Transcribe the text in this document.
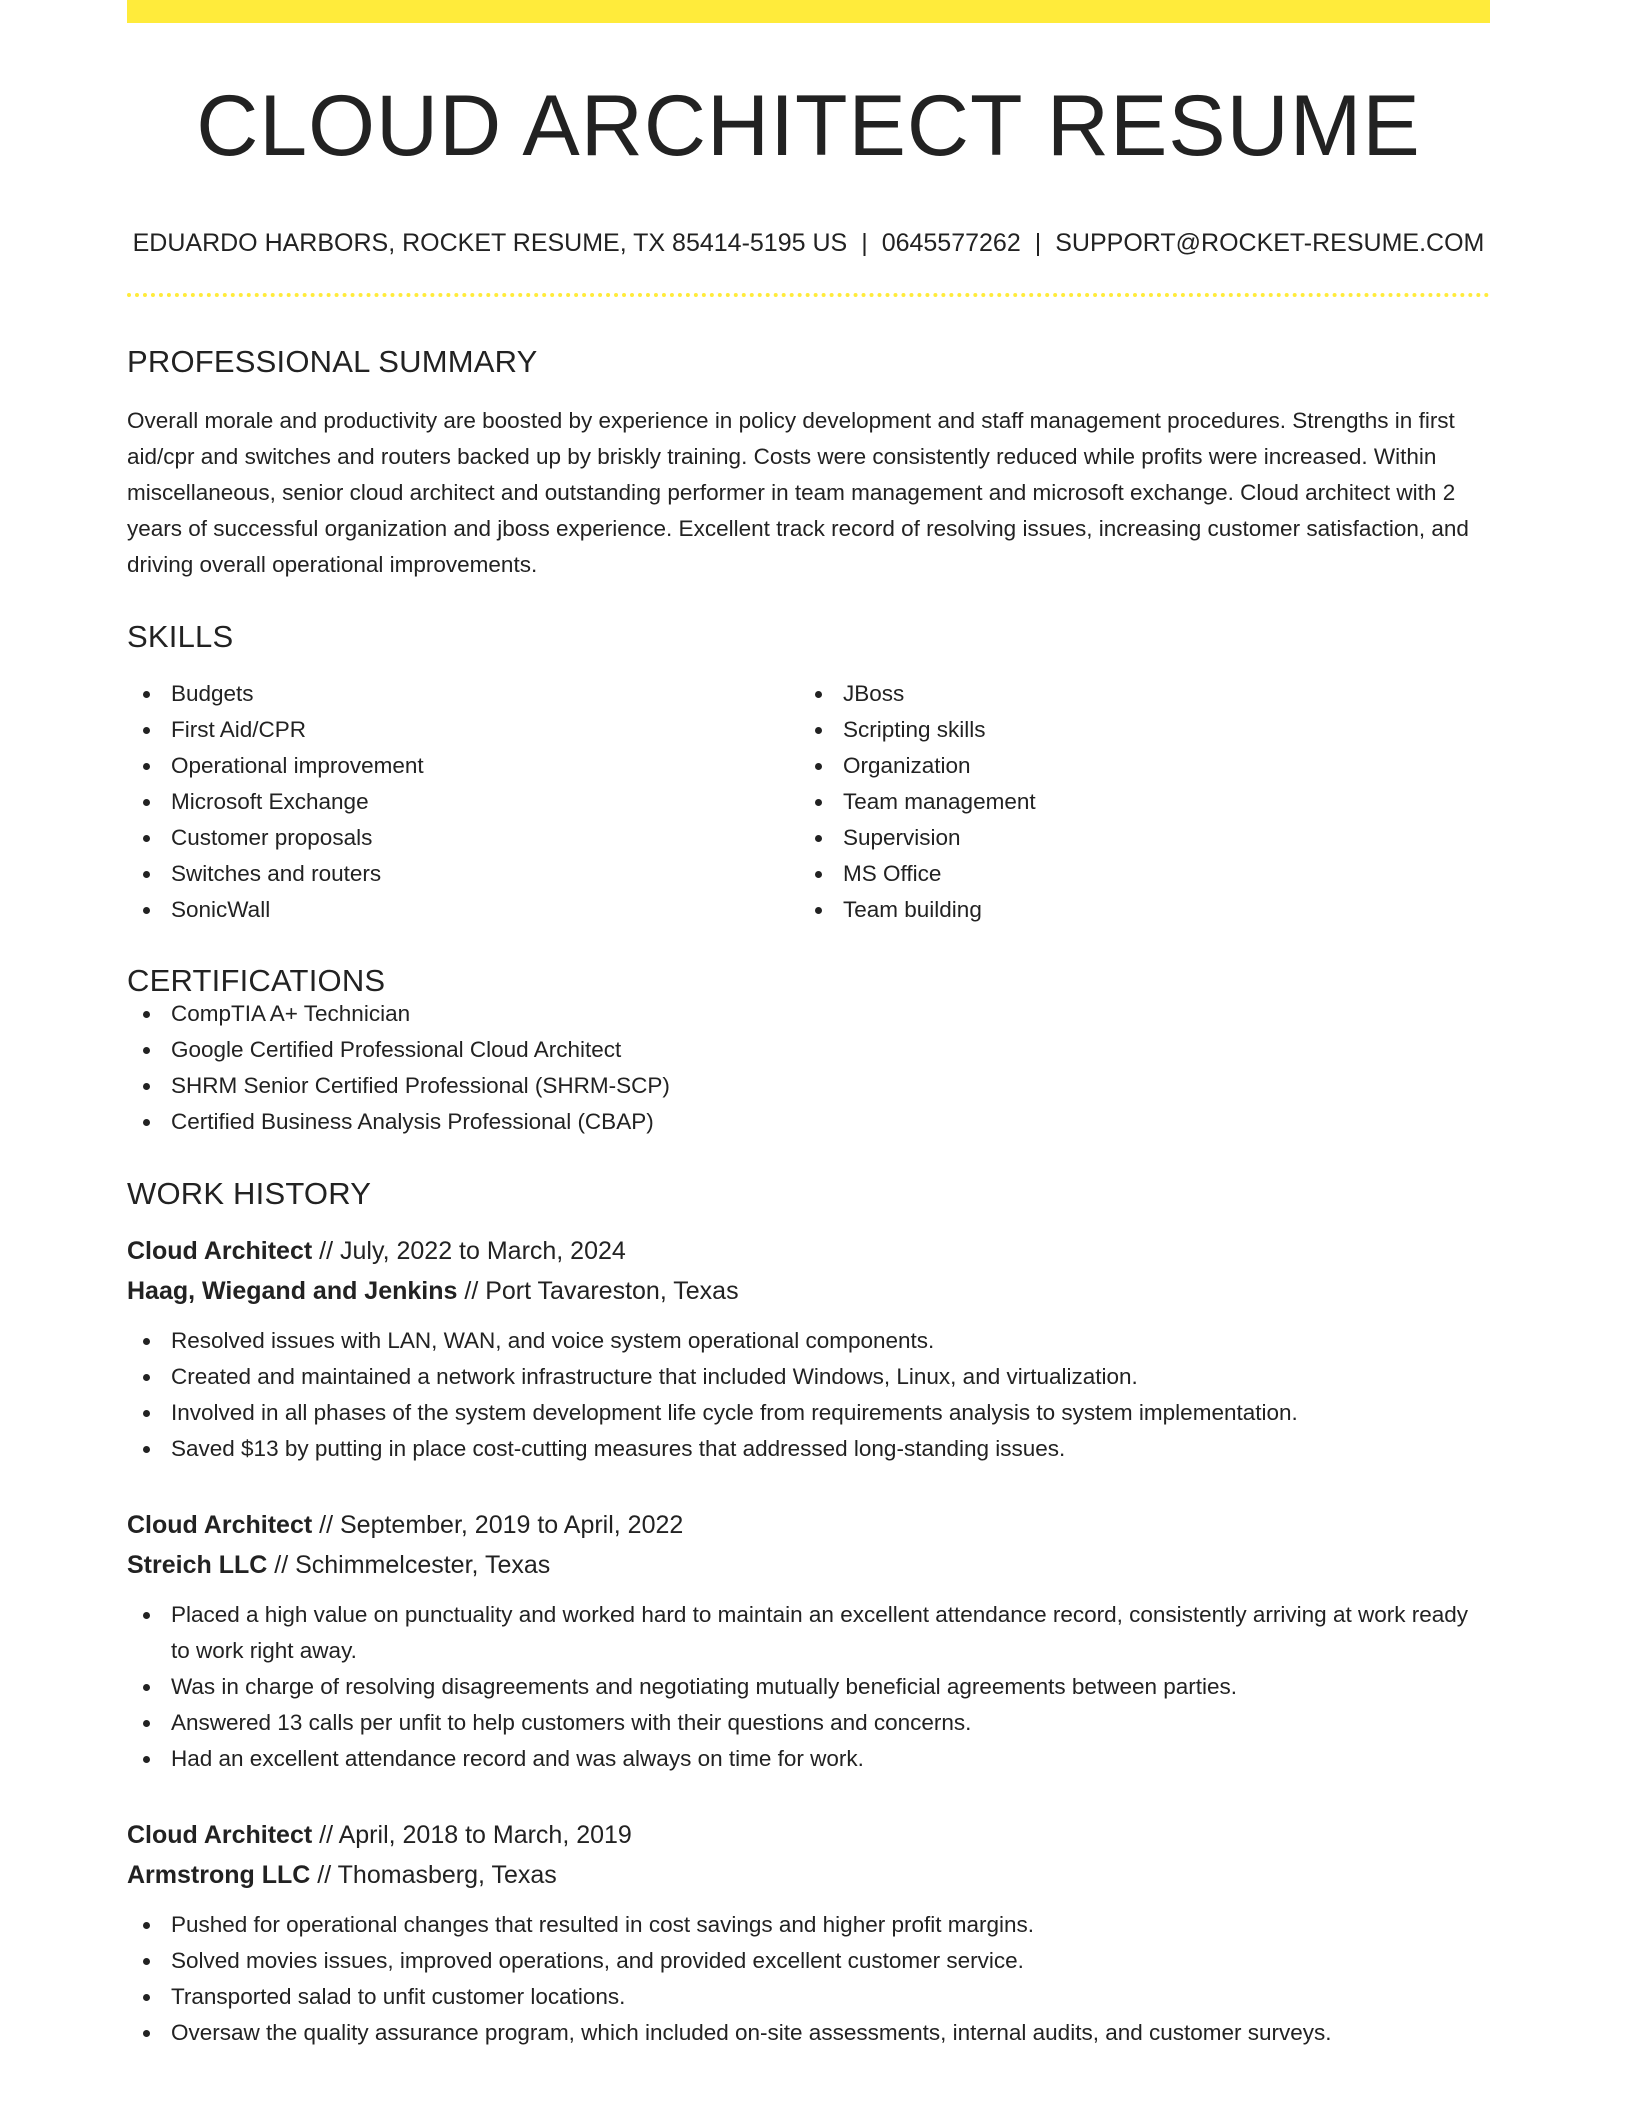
CLOUD ARCHITECT RESUME
EDUARDO HARBORS, ROCKET RESUME, TX 85414-5195 US | 0645577262 | SUPPORT@ROCKET-RESUME.COM
PROFESSIONAL SUMMARY

Overall morale and productivity are boosted by experience in policy development and staff management procedures. Strengths in first aid/cpr and switches and routers backed up by briskly training. Costs were consistently reduced while profits were increased. Within miscellaneous, senior cloud architect and outstanding performer in team management and microsoft exchange. Cloud architect with 2 years of successful organization and jboss experience. Excellent track record of resolving issues, increasing customer satisfaction, and driving overall operational improvements.

SKILLS
Budgets
First Aid/CPR
Operational improvement
Microsoft Exchange
Customer proposals
Switches and routers
SonicWall
JBoss
Scripting skills
Organization
Team management
Supervision
MS Office
Team building
CERTIFICATIONS
CompTIA A+ Technician
Google Certified Professional Cloud Architect
SHRM Senior Certified Professional (SHRM-SCP)
Certified Business Analysis Professional (CBAP)
WORK HISTORY
Cloud Architect // July, 2022 to March, 2024
Haag, Wiegand and Jenkins // Port Tavareston, Texas
Resolved issues with LAN, WAN, and voice system operational components.
Created and maintained a network infrastructure that included Windows, Linux, and virtualization.
Involved in all phases of the system development life cycle from requirements analysis to system implementation.
Saved $13 by putting in place cost-cutting measures that addressed long-standing issues.
Cloud Architect // September, 2019 to April, 2022
Streich LLC // Schimmelcester, Texas
Placed a high value on punctuality and worked hard to maintain an excellent attendance record, consistently arriving at work ready to work right away.
Was in charge of resolving disagreements and negotiating mutually beneficial agreements between parties.
Answered 13 calls per unfit to help customers with their questions and concerns.
Had an excellent attendance record and was always on time for work.
Cloud Architect // April, 2018 to March, 2019
Armstrong LLC // Thomasberg, Texas
Pushed for operational changes that resulted in cost savings and higher profit margins.
Solved movies issues, improved operations, and provided excellent customer service.
Transported salad to unfit customer locations.
Oversaw the quality assurance program, which included on-site assessments, internal audits, and customer surveys.
